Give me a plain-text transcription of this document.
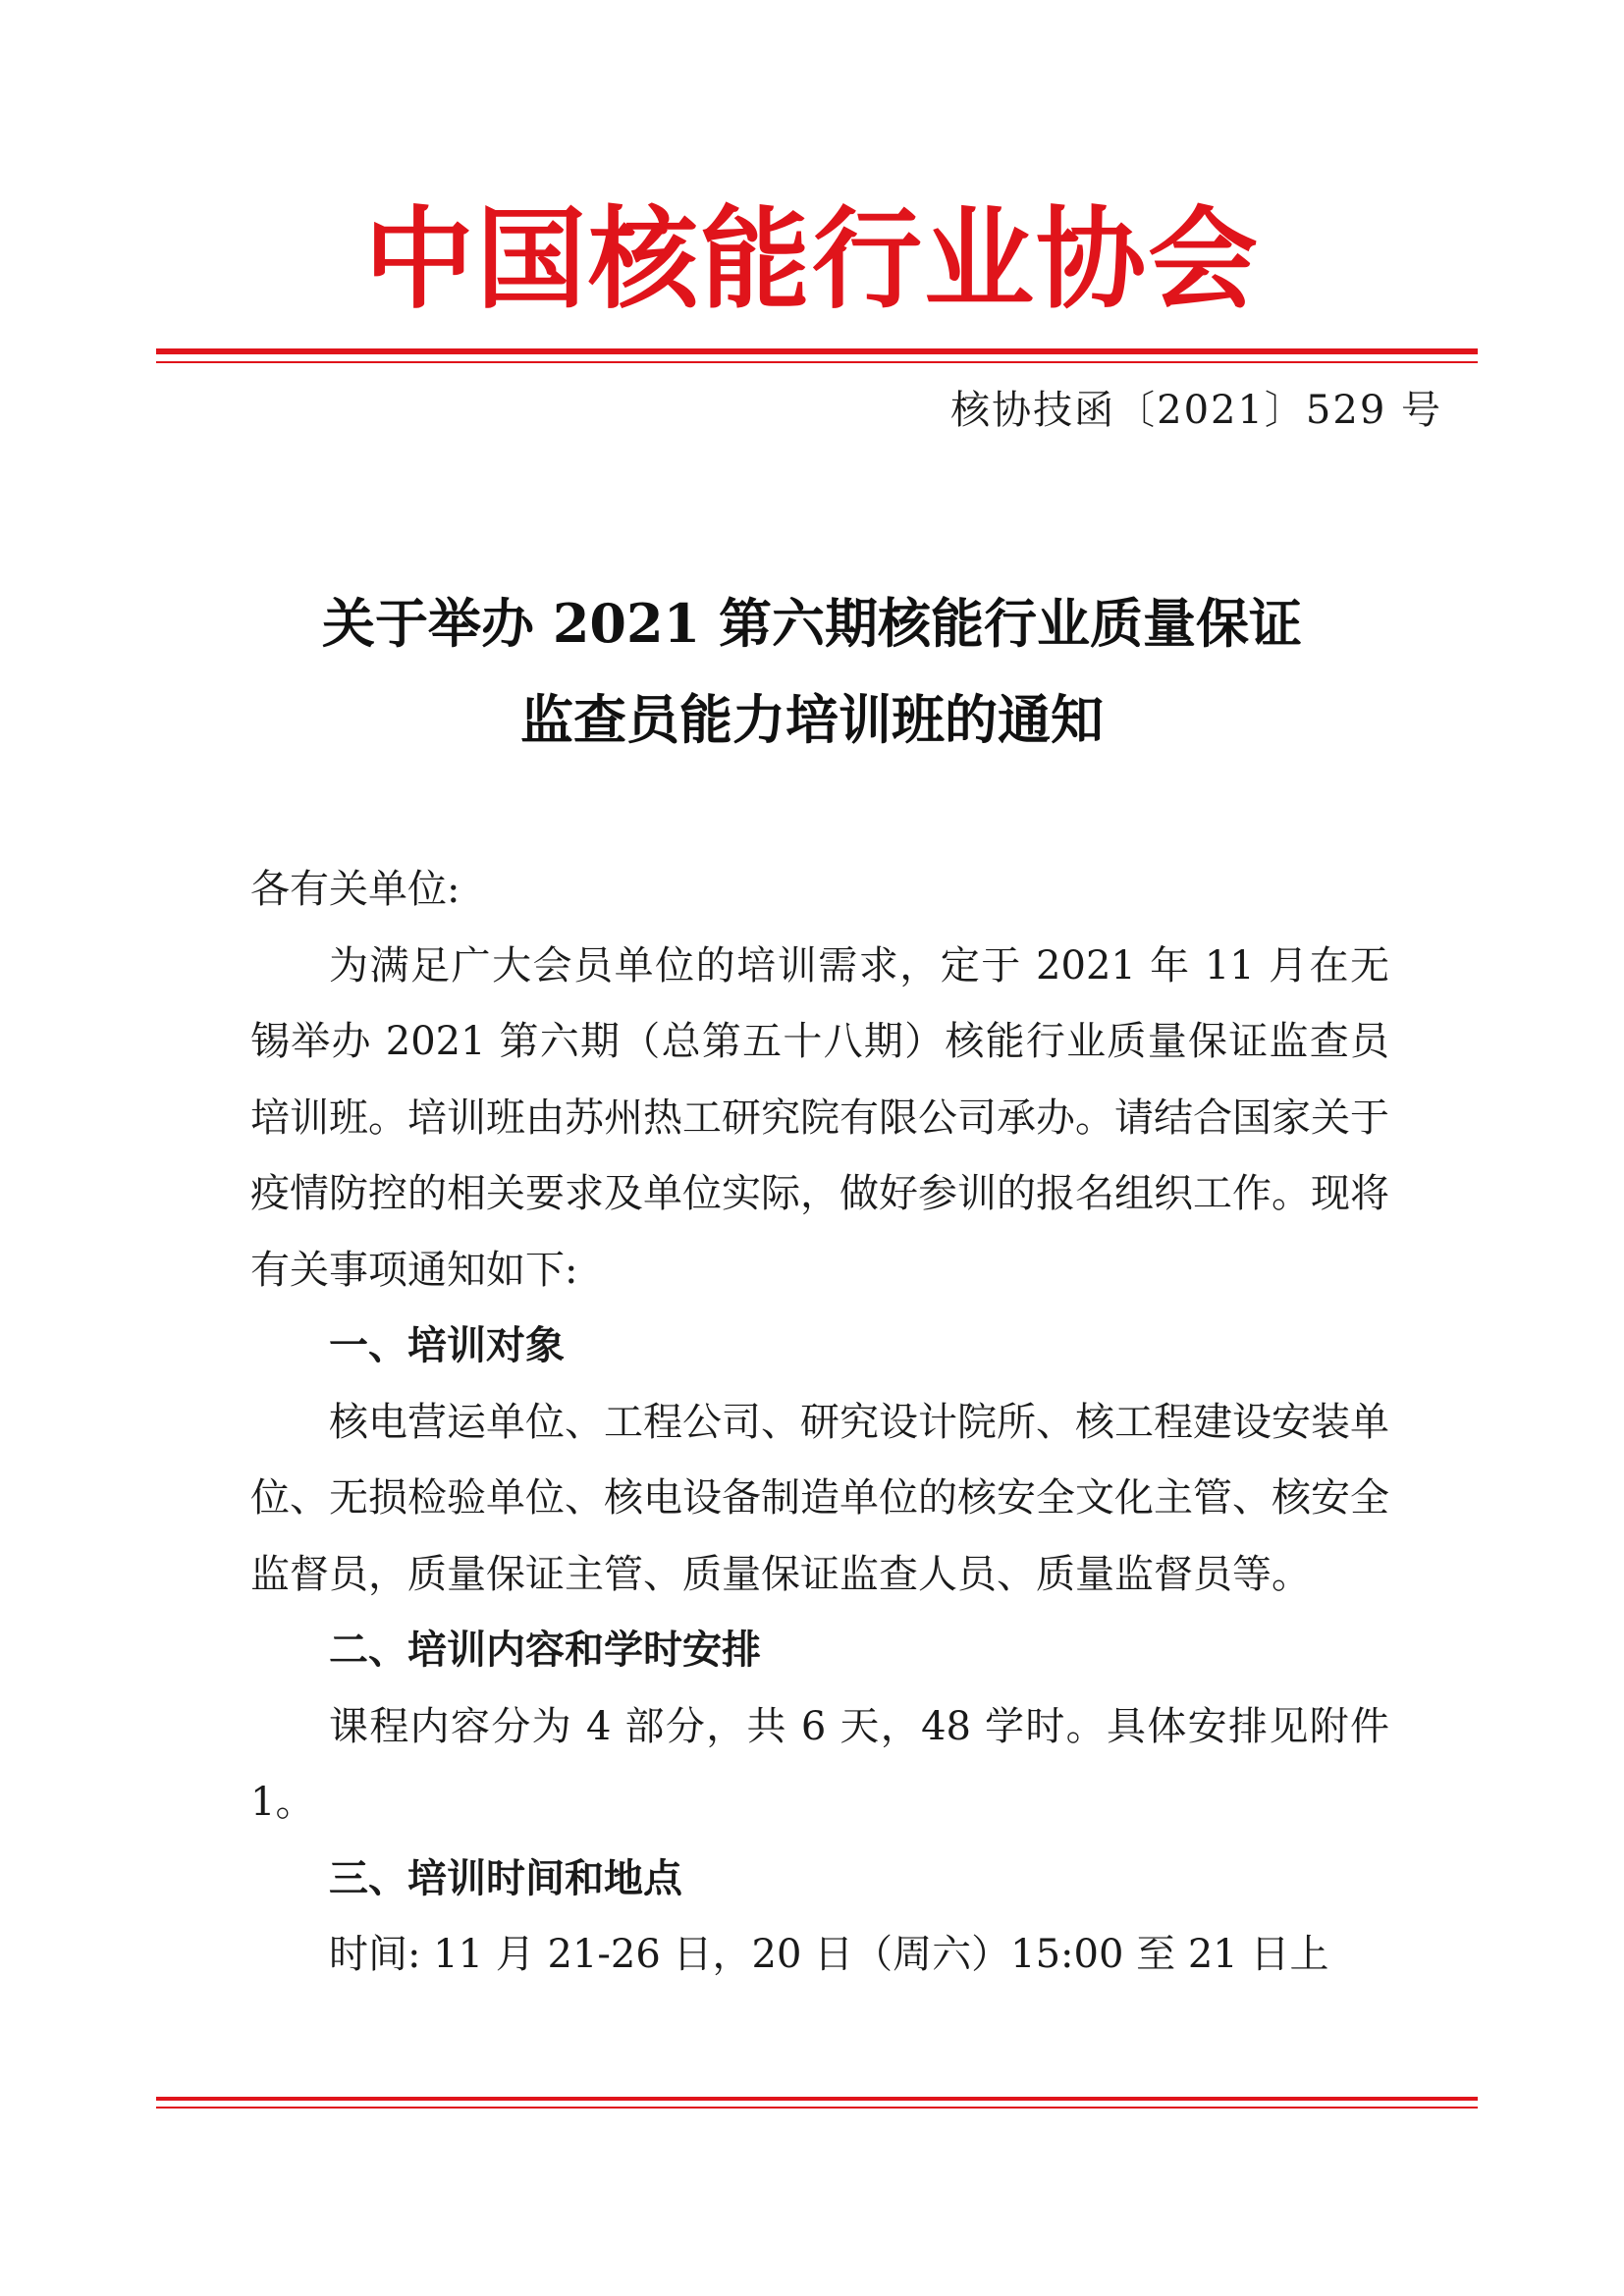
中国核能行业协会
核协技函〔2021〕529 号
关于举办 2021 第六期核能行业质量保证
监查员能力培训班的通知

各有关单位:

为满足广大会员单位的培训需求，定于 2021 年 11 月在无锡举办 2021 第六期（总第五十八期）核能行业质量保证监查员培训班。培训班由苏州热工研究院有限公司承办。请结合国家关于疫情防控的相关要求及单位实际，做好参训的报名组织工作。现将有关事项通知如下:

一、培训对象

核电营运单位、工程公司、研究设计院所、核工程建设安装单位、无损检验单位、核电设备制造单位的核安全文化主管、核安全监督员，质量保证主管、质量保证监查人员、质量监督员等。

二、培训内容和学时安排

课程内容分为 4 部分，共 6 天，48 学时。具体安排见附件 1。

三、培训时间和地点

时间: 11 月 21-26 日，20 日（周六）15:00 至 21 日上
